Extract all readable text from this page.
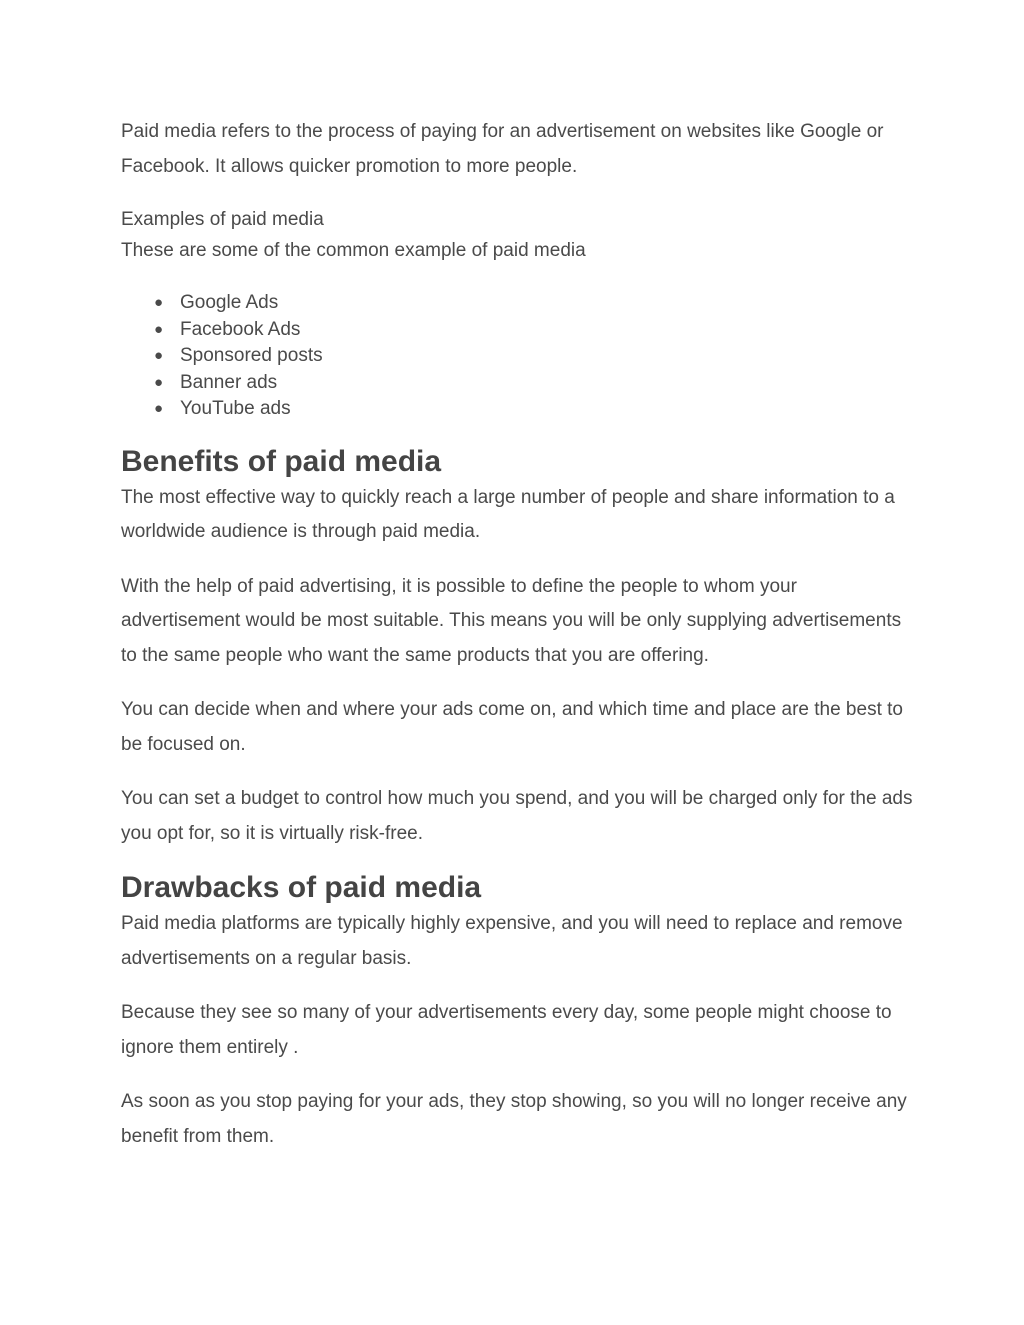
Paid media refers to the process of paying for an advertisement on websites like Google or Facebook. It allows quicker promotion to more people.

Examples of paid media

These are some of the common example of paid media

● Google Ads
● Facebook Ads
● Sponsored posts
● Banner ads
● YouTube ads
Benefits of paid media

The most effective way to quickly reach a large number of people and share information to a worldwide audience is through paid media.

With the help of paid advertising, it is possible to define the people to whom your advertisement would be most suitable. This means you will be only supplying advertisements to the same people who want the same products that you are offering.

You can decide when and where your ads come on, and which time and place are the best to be focused on.

You can set a budget to control how much you spend, and you will be charged only for the ads you opt for, so it is virtually risk-free.

Drawbacks of paid media

Paid media platforms are typically highly expensive, and you will need to replace and remove advertisements on a regular basis.

Because they see so many of your advertisements every day, some people might choose to ignore them entirely .

As soon as you stop paying for your ads, they stop showing, so you will no longer receive any benefit from them.
